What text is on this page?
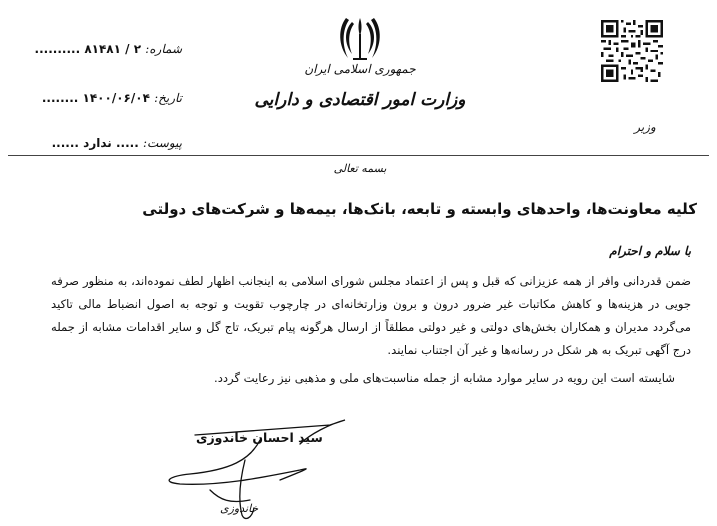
شماره: ۲ / ۸۱۴۸۱ ..........
تاریخ: ۱۴۰۰/۰۶/۰۴ ........
پیوست: ..... ندارد ......
جمهوری اسلامی ایران
وزارت امور اقتصادی و دارایی
وزیر
بسمه تعالی
کلیه معاونت‌ها، واحدهای وابسته و تابعه، بانک‌ها، بیمه‌ها و شرکت‌های دولتی
با سلام و احترام
ضمن قدردانی وافر از همه عزیزانی که قبل و پس از اعتماد مجلس شورای اسلامی به اینجانب اظهار لطف نموده‌اند، به منظور صرفه جویی در هزینه‌ها و کاهش مکاتبات غیر ضرور درون و برون وزارتخانه‌ای در چارچوب تقویت و توجه به اصول انضباط مالی تاکید می‌گردد مدیران و همکاران بخش‌های دولتی و غیر دولتی مطلقاً از ارسال هرگونه پیام تبریک، تاج گل و سایر اقدامات مشابه از جمله درج آگهی تبریک به هر شکل در رسانه‌ها و غیر آن اجتناب نمایند.
شایسته است این رویه در سایر موارد مشابه از جمله مناسبت‌های ملی و مذهبی نیز رعایت گردد.
خاندوزی
سید احسان خاندوزی
